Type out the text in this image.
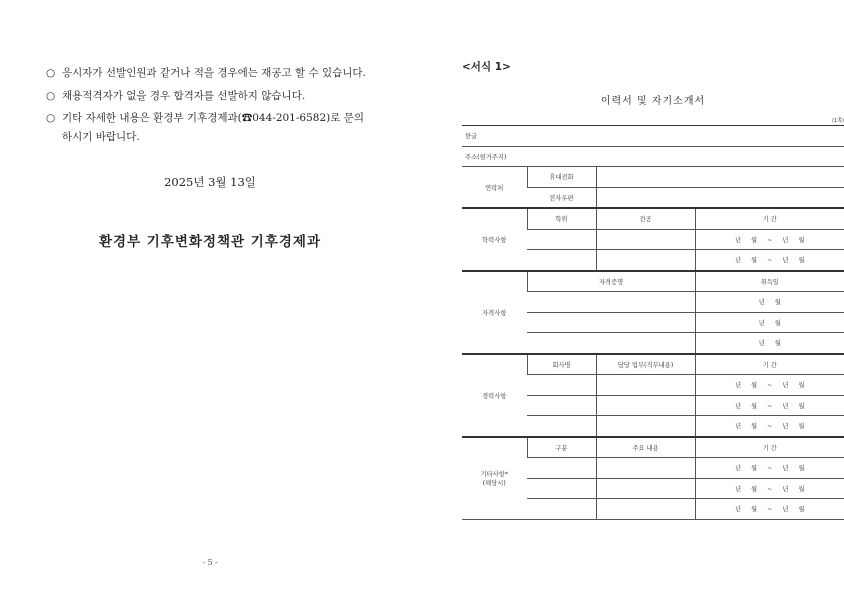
○ 응시자가 선발인원과 같거나 적을 경우에는 재공고 할 수 있습니다.
○ 채용적격자가 없을 경우 합격자를 선발하지 않습니다.
○ 기타 자세한 내용은 환경부 기후경제과(☎044-201-6582)로 문의
하시기 바랍니다.
2025년 3월 13일
환경부 기후변화정책관 기후경제과
- 5 -
<서식 1>
이력서 및 자기소개서
(1쪽)
한글			
주소(현거주지)			
연락처	휴대전화		
	전자우편		
학력사항	학위	전공	기 간
			년 월 ~ 년 월
			년 월 ~ 년 월
자격사항	자격증명		취득일
			년 월
			년 월
			년 월
경력사항	회사명	담당 업무(직무내용)	기 간
			년 월 ~ 년 월
			년 월 ~ 년 월
			년 월 ~ 년 월
기타사항*
(해당시)	구분	주요 내용	기 간
			년 월 ~ 년 월
			년 월 ~ 년 월
			년 월 ~ 년 월
